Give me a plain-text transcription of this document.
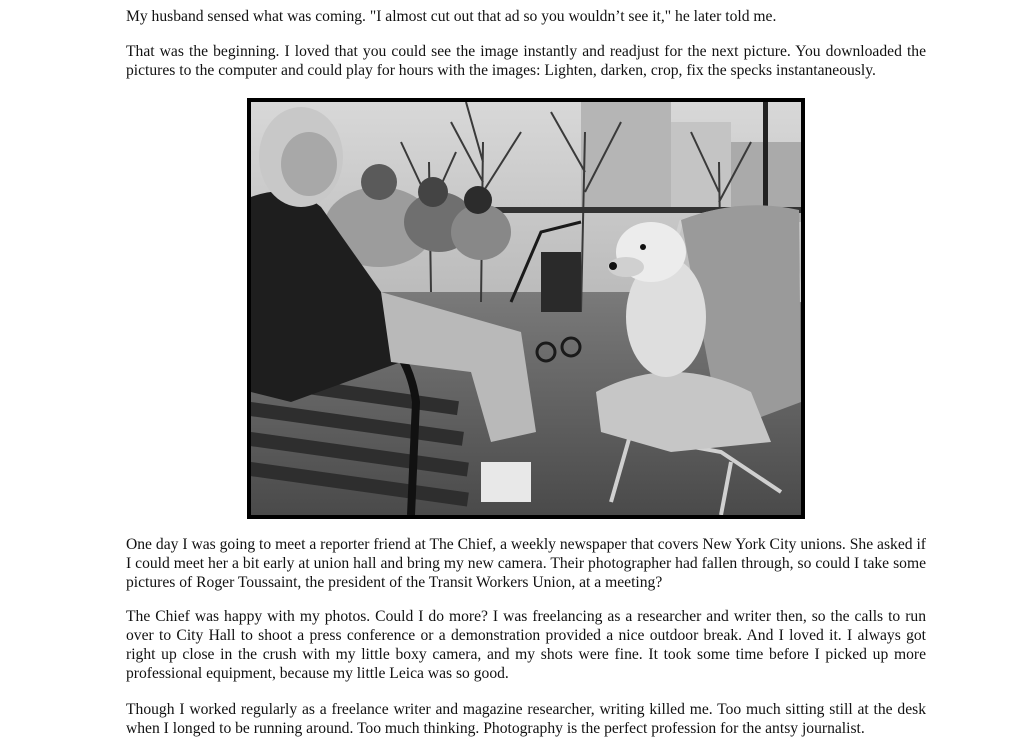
My husband sensed what was coming. "I almost cut out that ad so you wouldn’t see it," he later told me.

That was the beginning. I loved that you could see the image instantly and readjust for the next picture. You downloaded the pictures to the computer and could play for hours with the images: Lighten, darken, crop, fix the specks instantaneously.

One day I was going to meet a reporter friend at The Chief, a weekly newspaper that covers New York City unions. She asked if I could meet her a bit early at union hall and bring my new camera. Their photographer had fallen through, so could I take some pictures of Roger Toussaint, the president of the Transit Workers Union, at a meeting?

The Chief was happy with my photos. Could I do more? I was freelancing as a researcher and writer then, so the calls to run over to City Hall to shoot a press conference or a demonstration provided a nice outdoor break. And I loved it. I always got right up close in the crush with my little boxy camera, and my shots were fine. It took some time before I picked up more professional equipment, because my little Leica was so good.

Though I worked regularly as a freelance writer and magazine researcher, writing killed me. Too much sitting still at the desk when I longed to be running around. Too much thinking. Photography is the perfect profession for the antsy journalist.
